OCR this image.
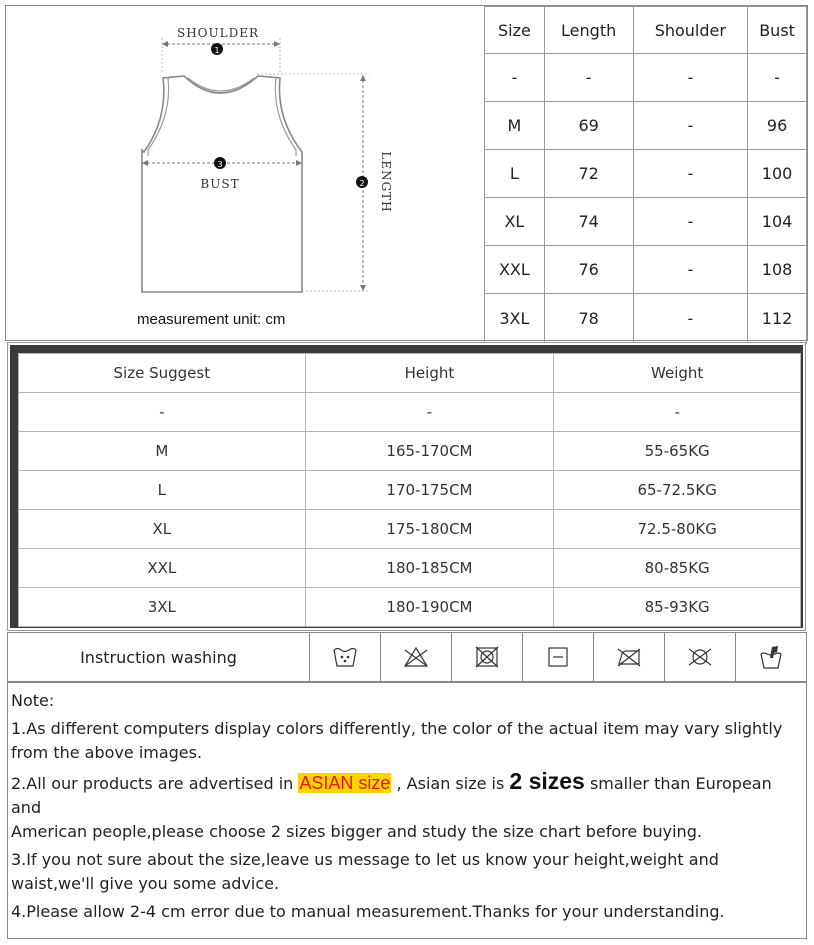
1
SHOULDER
3
BUST	2 LENGTH
measurement unit: cm
Size	Length	Shoulder	Bust
-	-	-	-
M	69	-	96
L	72	-	100
XL	74	-	104
XXL	76	-	108
3XL	78	-	112
Size Suggest	Height	Weight
-	-	-
M	165-170CM	55-65KG
L	170-175CM	65-72.5KG
XL	175-180CM	72.5-80KG
XXL	180-185CM	80-85KG
3XL	180-190CM	85-93KG
Instruction washing

Note:

1.As different computers display colors differently, the color of the actual item may vary slightly from the above images.

2.All our products are advertised in ASIAN size , Asian size is 2 sizes smaller than European and

American people,please choose 2 sizes bigger and study the size chart before buying.

3.If you not sure about the size,leave us message to let us know your height,weight and waist,we'll give you some advice.

4.Please allow 2-4 cm error due to manual measurement.Thanks for your understanding.
